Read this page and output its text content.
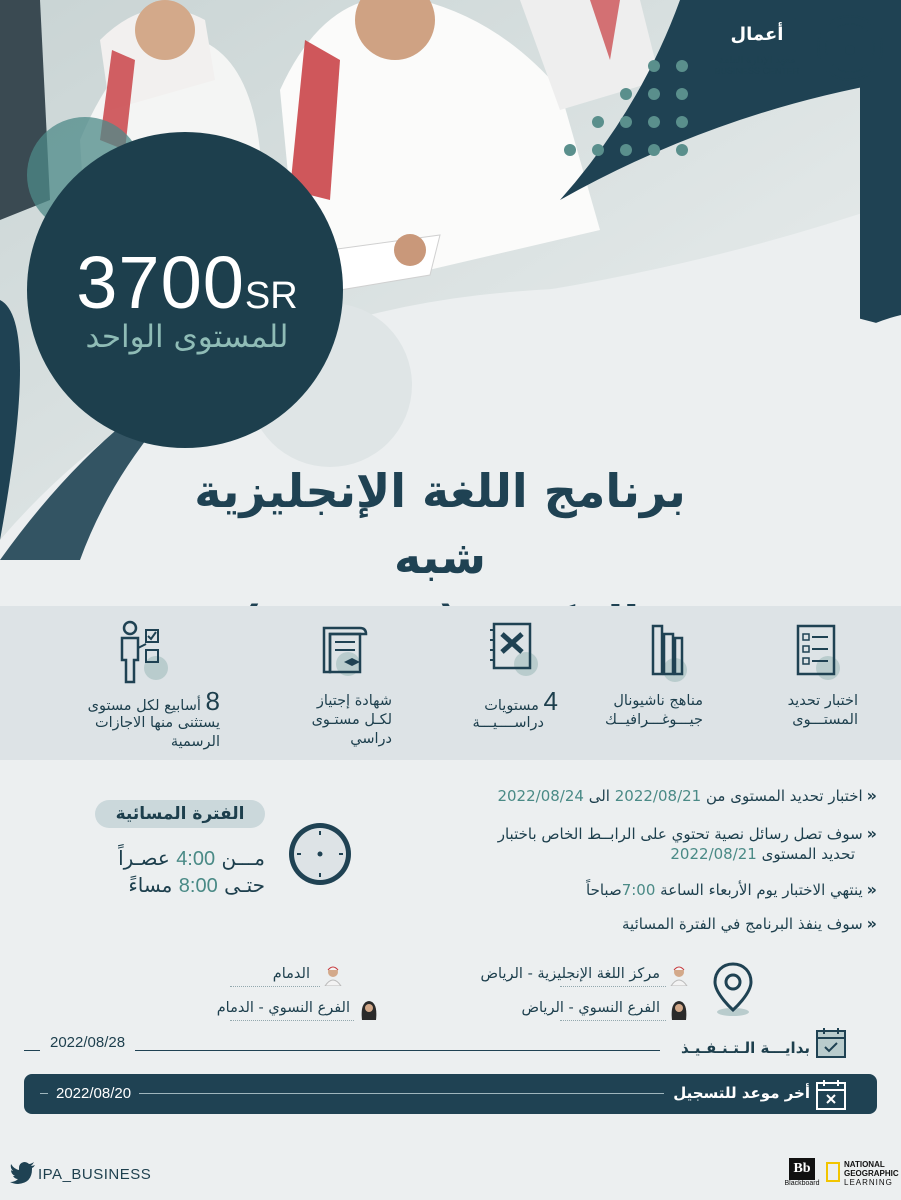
أعمال
معهد الإدارة العامة
BUSINESS CENTER
3700SR
للمستوى الواحد
برنامج اللغة الإنجليزية شبه
اختبار تحديد
المستـــوى
مناهج ناشيونال
جيـــوغـــرافيــك
4 مستويات
دراســــيـــة
شهادة إجتياز
لكـل مستـوى
دراسي
8 أسابيع لكل مستوى
يستثنى منها الاجازات
الرسمية
«اختبار تحديد المستوى من 2022/08/21 الى 2022/08/24
«سوف تصل رسائل نصية تحتوي على الرابــط الخاص باختبار
تحديد المستوى 2022/08/21
«ينتهي الاختبار يوم الأربعاء الساعة 7:00صباحاً
«سوف ينفذ البرنامج في الفترة المسائية
الفترة المسائية
مـــن 4:00 عصـراً
حتـى 8:00 مساءً
مركز اللغة الإنجليزية - الرياض
الدمام
الفرع النسوي - الرياض
الفرع النسوي - الدمام
2022/08/28	بدايـــة الـتـنـفـيـذ
2022/08/20	أخر موعد للتسجيل
IPA_BUSINESS	Bb
Blackboard
NATIONAL
GEOGRAPHIC
LEARNING
